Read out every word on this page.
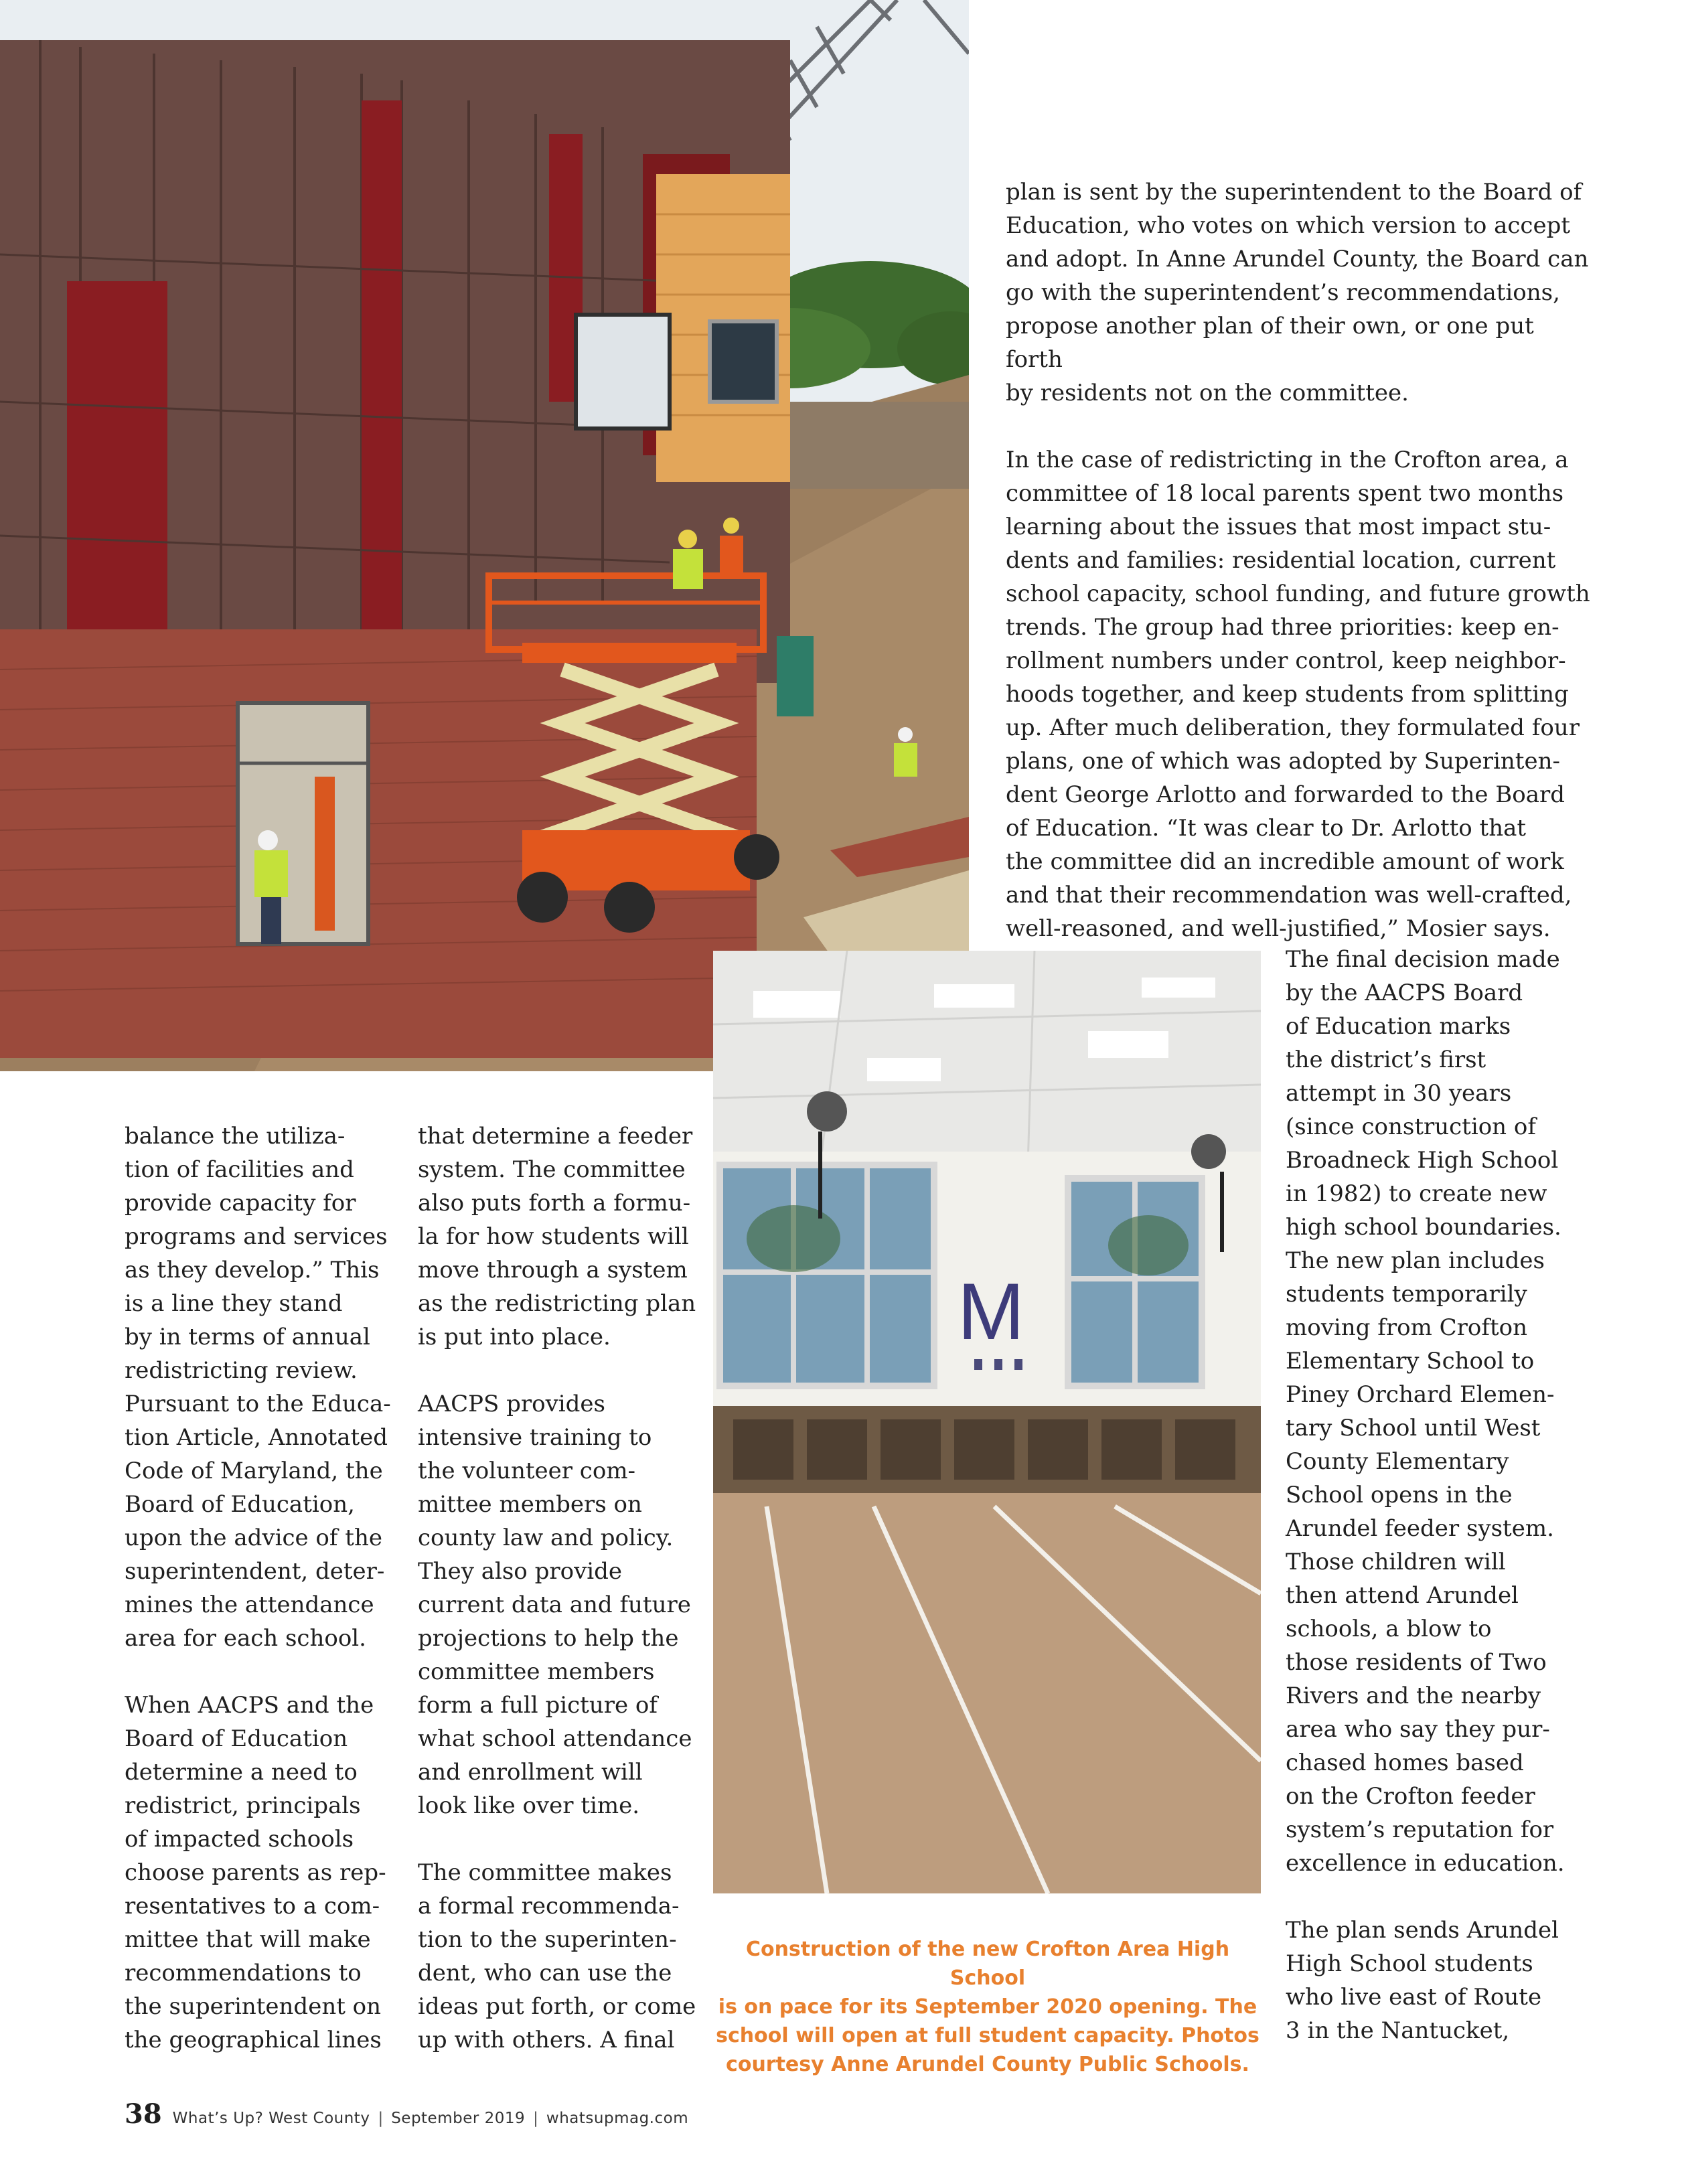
plan is sent by the superintendent to the Board of
Education, who votes on which version to accept
and adopt. In Anne Arundel County, the Board can
go with the superintendent’s recommendations,
propose another plan of their own, or one put forth
by residents not on the committee.

In the case of redistricting in the Crofton area, a
committee of 18 local parents spent two months
learning about the issues that most impact stu-
dents and families: residential location, current
school capacity, school funding, and future growth
trends. The group had three priorities: keep en-
rollment numbers under control, keep neighbor-
hoods together, and keep students from splitting
up. After much deliberation, they formulated four
plans, one of which was adopted by Superinten-
dent George Arlotto and forwarded to the Board
of Education. “It was clear to Dr. Arlotto that
the committee did an incredible amount of work
and that their recommendation was well-crafted,
well-reasoned, and well-justified,” Mosier says.

M

balance the utiliza-
tion of facilities and
provide capacity for
programs and services
as they develop.” This
is a line they stand
by in terms of annual
redistricting review.
Pursuant to the Educa-
tion Article, Annotated
Code of Maryland, the
Board of Education,
upon the advice of the
superintendent, deter-
mines the attendance
area for each school.

When AACPS and the
Board of Education
determine a need to
redistrict, principals
of impacted schools
choose parents as rep-
resentatives to a com-
mittee that will make
recommendations to
the superintendent on
the geographical lines

that determine a feeder
system. The committee
also puts forth a formu-
la for how students will
move through a system
as the redistricting plan
is put into place.

AACPS provides
intensive training to
the volunteer com-
mittee members on
county law and policy.
They also provide
current data and future
projections to help the
committee members
form a full picture of
what school attendance
and enrollment will
look like over time.

The committee makes
a formal recommenda-
tion to the superinten-
dent, who can use the
ideas put forth, or come
up with others. A final

The final decision made
by the AACPS Board
of Education marks
the district’s first
attempt in 30 years
(since construction of
Broadneck High School
in 1982) to create new
high school boundaries.
The new plan includes
students temporarily
moving from Crofton
Elementary School to
Piney Orchard Elemen-
tary School until West
County Elementary
School opens in the
Arundel feeder system.
Those children will
then attend Arundel
schools, a blow to
those residents of Two
Rivers and the nearby
area who say they pur-
chased homes based
on the Crofton feeder
system’s reputation for
excellence in education.

The plan sends Arundel
High School students
who live east of Route
3 in the Nantucket,

Construction of the new Crofton Area High School
is on pace for its September 2020 opening. The
school will open at full student capacity. Photos
courtesy Anne Arundel County Public Schools.
38 What’s Up? West County | September 2019 | whatsupmag.com
